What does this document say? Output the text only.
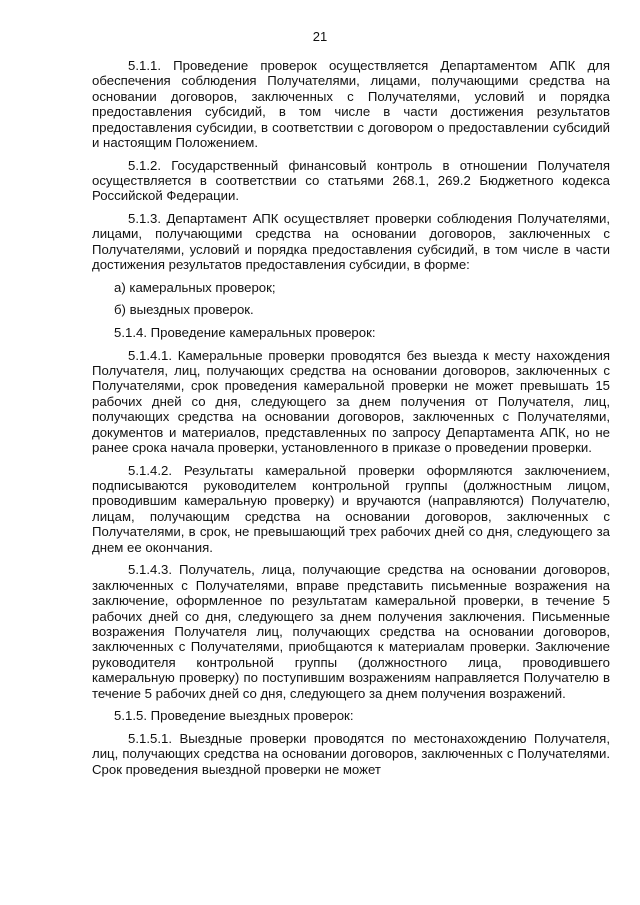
21

5.1.1. Проведение проверок осуществляется Департаментом АПК для обеспечения соблюдения Получателями, лицами, получающими средства на основании договоров, заключенных с Получателями, условий и порядка предоставления субсидий, в том числе в части достижения результатов предоставления субсидии, в соответствии с договором о предоставлении субсидий и настоящим Положением.

5.1.2. Государственный финансовый контроль в отношении Получателя осуществляется в соответствии со статьями 268.1, 269.2 Бюджетного кодекса Российской Федерации.

5.1.3. Департамент АПК осуществляет проверки соблюдения Получателями, лицами, получающими средства на основании договоров, заключенных с Получателями, условий и порядка предоставления субсидий, в том числе в части достижения результатов предоставления субсидии, в форме:

а) камеральных проверок;

б) выездных проверок.

5.1.4. Проведение камеральных проверок:

5.1.4.1. Камеральные проверки проводятся без выезда к месту нахождения Получателя, лиц, получающих средства на основании договоров, заключенных с Получателями, срок проведения камеральной проверки не может превышать 15 рабочих дней со дня, следующего за днем получения от Получателя, лиц, получающих средства на основании договоров, заключенных с Получателями, документов и материалов, представленных по запросу Департамента АПК, но не ранее срока начала проверки, установленного в приказе о проведении проверки.

5.1.4.2. Результаты камеральной проверки оформляются заключением, подписываются руководителем контрольной группы (должностным лицом, проводившим камеральную проверку) и вручаются (направляются) Получателю, лицам, получающим средства на основании договоров, заключенных с Получателями, в срок, не превышающий трех рабочих дней со дня, следующего за днем ее окончания.

5.1.4.3. Получатель, лица, получающие средства на основании договоров, заключенных с Получателями, вправе представить письменные возражения на заключение, оформленное по результатам камеральной проверки, в течение 5 рабочих дней со дня, следующего за днем получения заключения. Письменные возражения Получателя лиц, получающих средства на основании договоров, заключенных с Получателями, приобщаются к материалам проверки. Заключение руководителя контрольной группы (должностного лица, проводившего камеральную проверку) по поступившим возражениям направляется Получателю в течение 5 рабочих дней со дня, следующего за днем получения возражений.

5.1.5. Проведение выездных проверок:

5.1.5.1. Выездные проверки проводятся по местонахождению Получателя, лиц, получающих средства на основании договоров, заключенных с Получателями. Срок проведения выездной проверки не может
